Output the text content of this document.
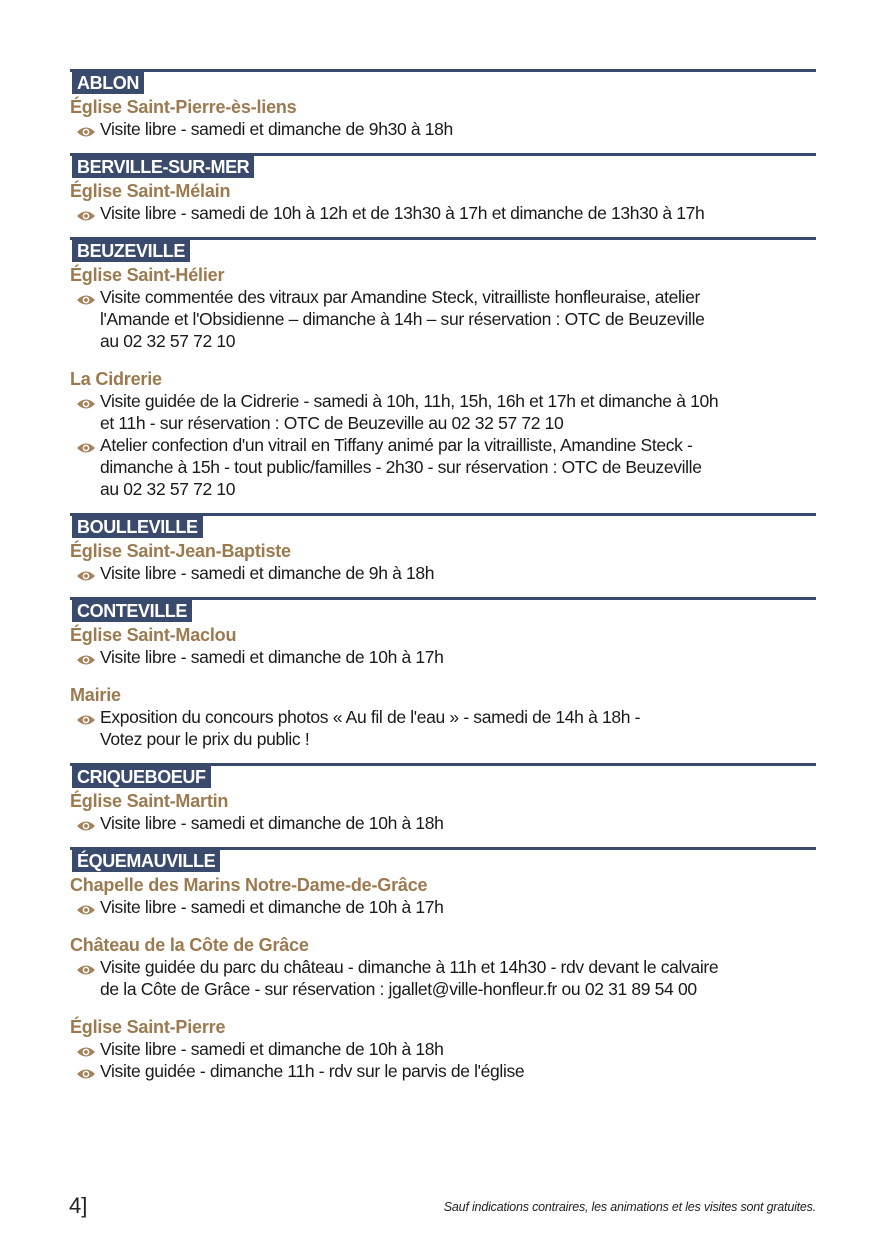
ABLON
Église Saint-Pierre-ès-liens
Visite libre - samedi et dimanche de 9h30 à 18h
BERVILLE-SUR-MER
Église Saint-Mélain
Visite libre - samedi de 10h à 12h et de 13h30 à 17h et dimanche de 13h30 à 17h
BEUZEVILLE
Église Saint-Hélier
Visite commentée des vitraux par Amandine Steck, vitrailliste honfleuraise, atelier
l'Amande et l'Obsidienne – dimanche à 14h – sur réservation : OTC de Beuzeville
au 02 32 57 72 10
La Cidrerie
Visite guidée de la Cidrerie - samedi à 10h, 11h, 15h, 16h et 17h et dimanche à 10h
et 11h - sur réservation : OTC de Beuzeville au 02 32 57 72 10
Atelier confection d'un vitrail en Tiffany animé par la vitrailliste, Amandine Steck -
dimanche à 15h - tout public/familles - 2h30 - sur réservation : OTC de Beuzeville
au 02 32 57 72 10
BOULLEVILLE
Église Saint-Jean-Baptiste
Visite libre - samedi et dimanche de 9h à 18h
CONTEVILLE
Église Saint-Maclou
Visite libre - samedi et dimanche de 10h à 17h
Mairie
Exposition du concours photos « Au fil de l'eau » - samedi de 14h à 18h -
Votez pour le prix du public !
CRIQUEBOEUF
Église Saint-Martin
Visite libre - samedi et dimanche de 10h à 18h
ÉQUEMAUVILLE
Chapelle des Marins Notre-Dame-de-Grâce
Visite libre - samedi et dimanche de 10h à 17h
Château de la Côte de Grâce
Visite guidée du parc du château - dimanche à 11h et 14h30 - rdv devant le calvaire
de la Côte de Grâce - sur réservation : jgallet@ville-honfleur.fr ou 02 31 89 54 00
Église Saint-Pierre
Visite libre - samedi et dimanche de 10h à 18h
Visite guidée - dimanche 11h - rdv sur le parvis de l'église
4]	Sauf indications contraires, les animations et les visites sont gratuites.
